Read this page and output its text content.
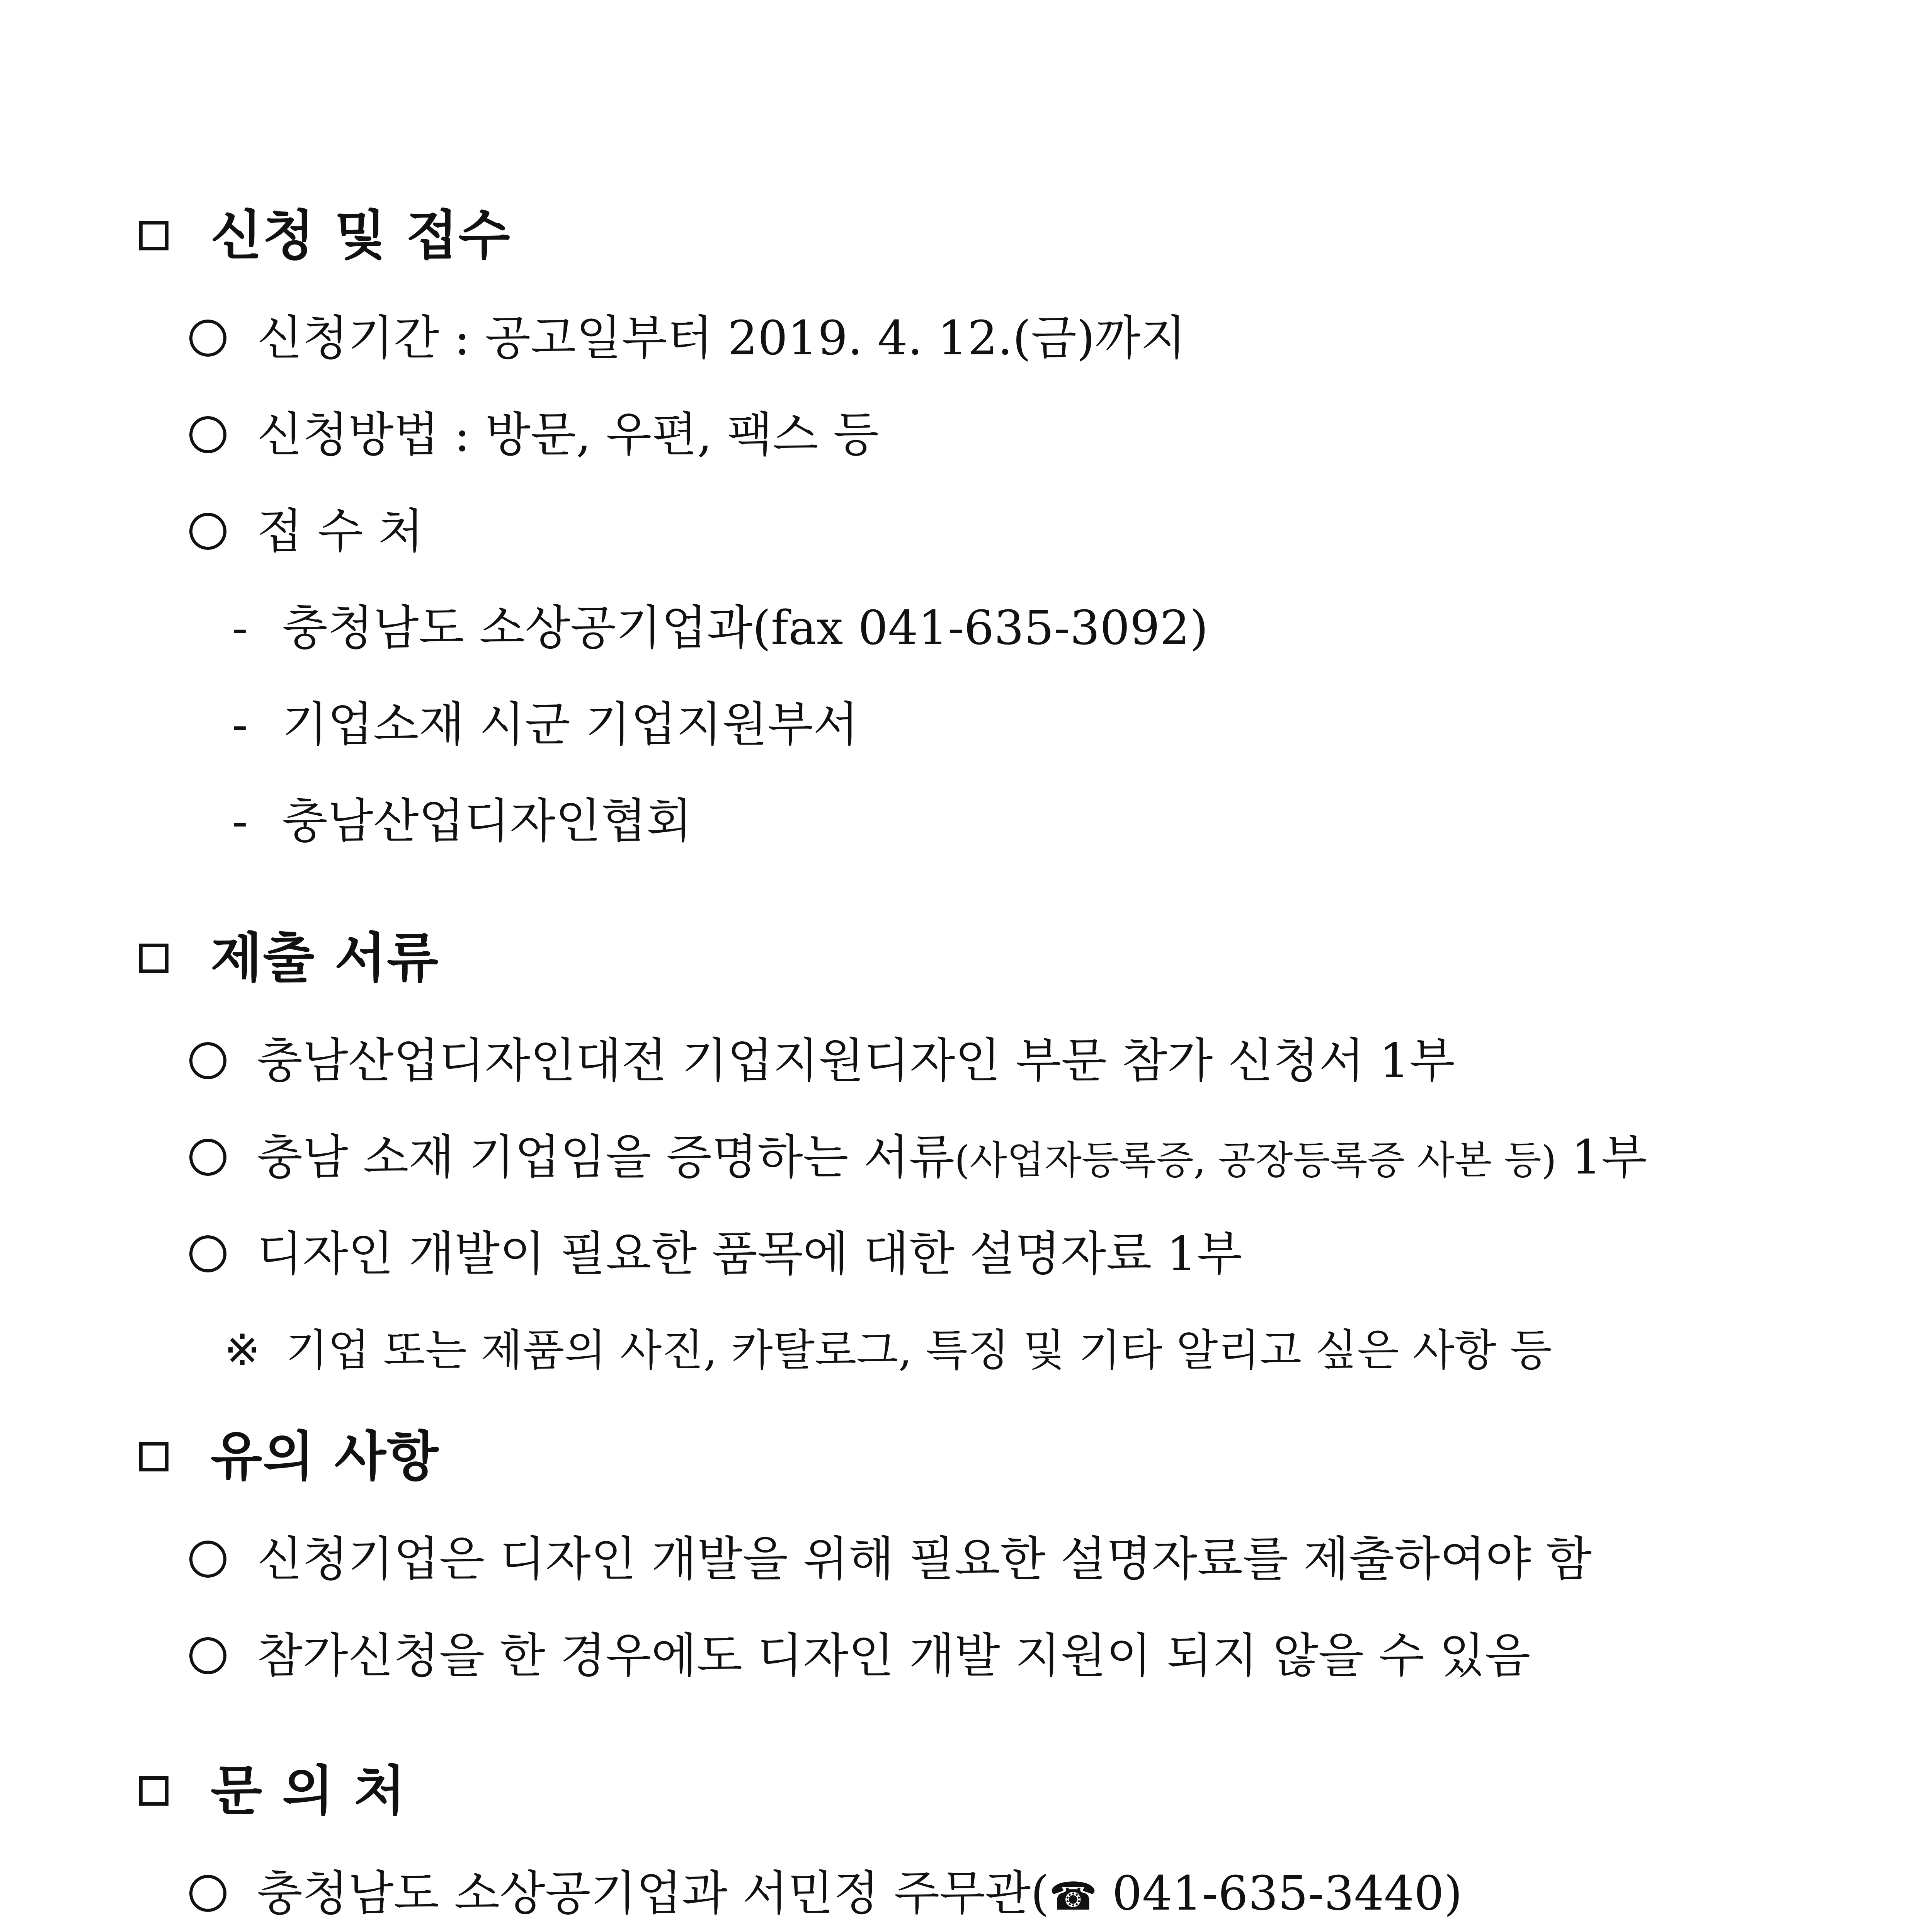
신청 및 접수
신청기간 : 공고일부터 2019. 4. 12.(금)까지
신청방법 : 방문, 우편, 팩스 등
접 수 처
- 충청남도 소상공기업과(fax 041-635-3092)
- 기업소재 시군 기업지원부서
- 충남산업디자인협회
제출 서류
충남산업디자인대전 기업지원디자인 부문 참가 신청서 1부
충남 소재 기업임을 증명하는 서류(사업자등록증, 공장등록증 사본 등) 1부
디자인 개발이 필요한 품목에 대한 설명자료 1부
※ 기업 또는 제품의 사진, 카탈로그, 특징 및 기타 알리고 싶은 사항 등
유의 사항
신청기업은 디자인 개발을 위해 필요한 설명자료를 제출하여야 함
참가신청을 한 경우에도 디자인 개발 지원이 되지 않을 수 있음
문 의 처
충청남도 소상공기업과 서민정 주무관(☎ 041-635-3440)
